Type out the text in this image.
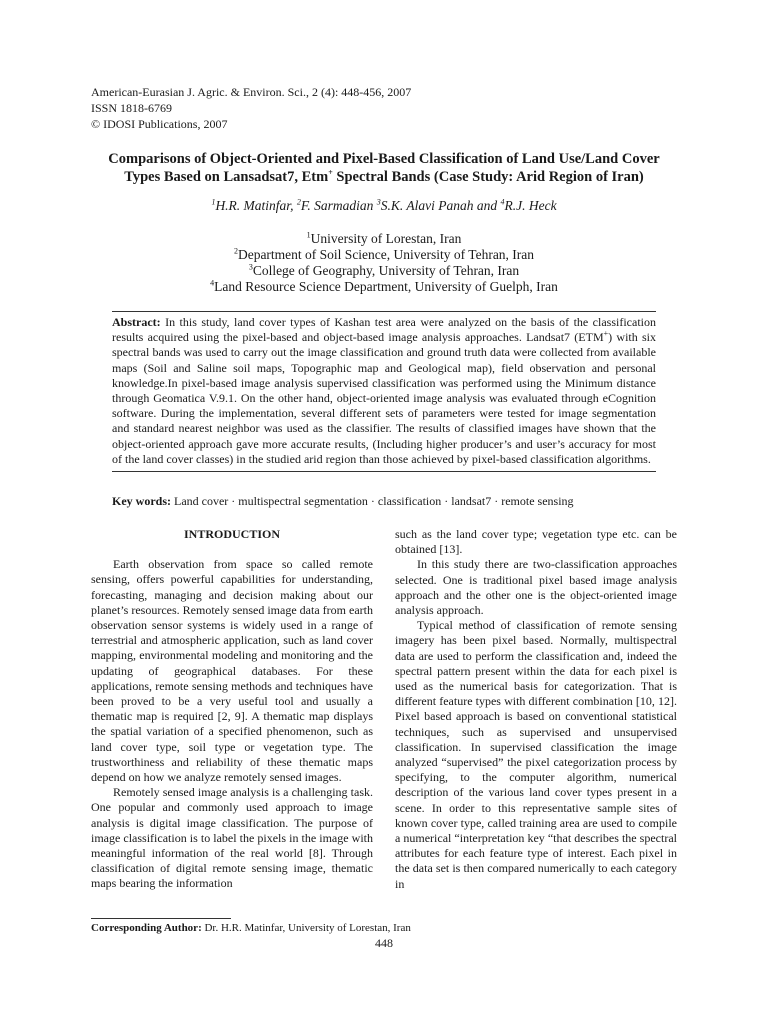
American-Eurasian J. Agric. & Environ. Sci., 2 (4): 448-456, 2007
ISSN 1818-6769
© IDOSI Publications, 2007
Comparisons of Object-Oriented and Pixel-Based Classification of Land Use/Land Cover
Types Based on Lansadsat7, Etm+ Spectral Bands (Case Study: Arid Region of Iran)
$^1$H.R. Matinfar, $^2$F. Sarmadian $^3$S.K. Alavi Panah and $^4$R.J. Heck
$^1$University of Lorestan, Iran
$^2$Department of Soil Science, University of Tehran, Iran
$^3$College of Geography, University of Tehran, Iran
$^4$Land Resource Science Department, University of Guelph, Iran

Abstract: In this study, land cover types of Kashan test area were analyzed on the basis of the classification results acquired using the pixel-based and object-based image analysis approaches. Landsat7 (ETM+) with six spectral bands was used to carry out the image classification and ground truth data were collected from available maps (Soil and Saline soil maps, Topographic map and Geological map), field observation and personal knowledge.In pixel-based image analysis supervised classification was performed using the Minimum distance through Geomatica V.9.1. On the other hand, object-oriented image analysis was evaluated through eCognition software. During the implementation, several different sets of parameters were tested for image segmentation and standard nearest neighbor was used as the classifier. The results of classified images have shown that the object-oriented approach gave more accurate results, (Including higher producer’s and user’s accuracy for most of the land cover classes) in the studied arid region than those achieved by pixel-based classification algorithms.

Key words: Land cover · multispectral segmentation · classification · landsat7 · remote sensing
INTRODUCTION

Earth observation from space so called remote sensing, offers powerful capabilities for understanding, forecasting, managing and decision making about our planet’s resources. Remotely sensed image data from earth observation sensor systems is widely used in a range of terrestrial and atmospheric application, such as land cover mapping, environmental modeling and monitoring and the updating of geographical databases. For these applications, remote sensing methods and techniques have been proved to be a very useful tool and usually a thematic map is required [2, 9]. A thematic map displays the spatial variation of a specified phenomenon, such as land cover type, soil type or vegetation type. The trustworthiness and reliability of these thematic maps depend on how we analyze remotely sensed images.

Remotely sensed image analysis is a challenging task. One popular and commonly used approach to image analysis is digital image classification. The purpose of image classification is to label the pixels in the image with meaningful information of the real world [8]. Through classification of digital remote sensing image, thematic maps bearing the information

such as the land cover type; vegetation type etc. can be obtained [13].

In this study there are two-classification approaches selected. One is traditional pixel based image analysis approach and the other one is the object-oriented image analysis approach.

Typical method of classification of remote sensing imagery has been pixel based. Normally, multispectral data are used to perform the classification and, indeed the spectral pattern present within the data for each pixel is used as the numerical basis for categorization. That is different feature types with different combination [10, 12]. Pixel based approach is based on conventional statistical techniques, such as supervised and unsupervised classification. In supervised classification the image analyzed “supervised” the pixel categorization process by specifying, to the computer algorithm, numerical description of the various land cover types present in a scene. In order to this representative sample sites of known cover type, called training area are used to compile a numerical “interpretation key “that describes the spectral attributes for each feature type of interest. Each pixel in the data set is then compared numerically to each category in

Corresponding Author: Dr. H.R. Matinfar, University of Lorestan, Iran
448
